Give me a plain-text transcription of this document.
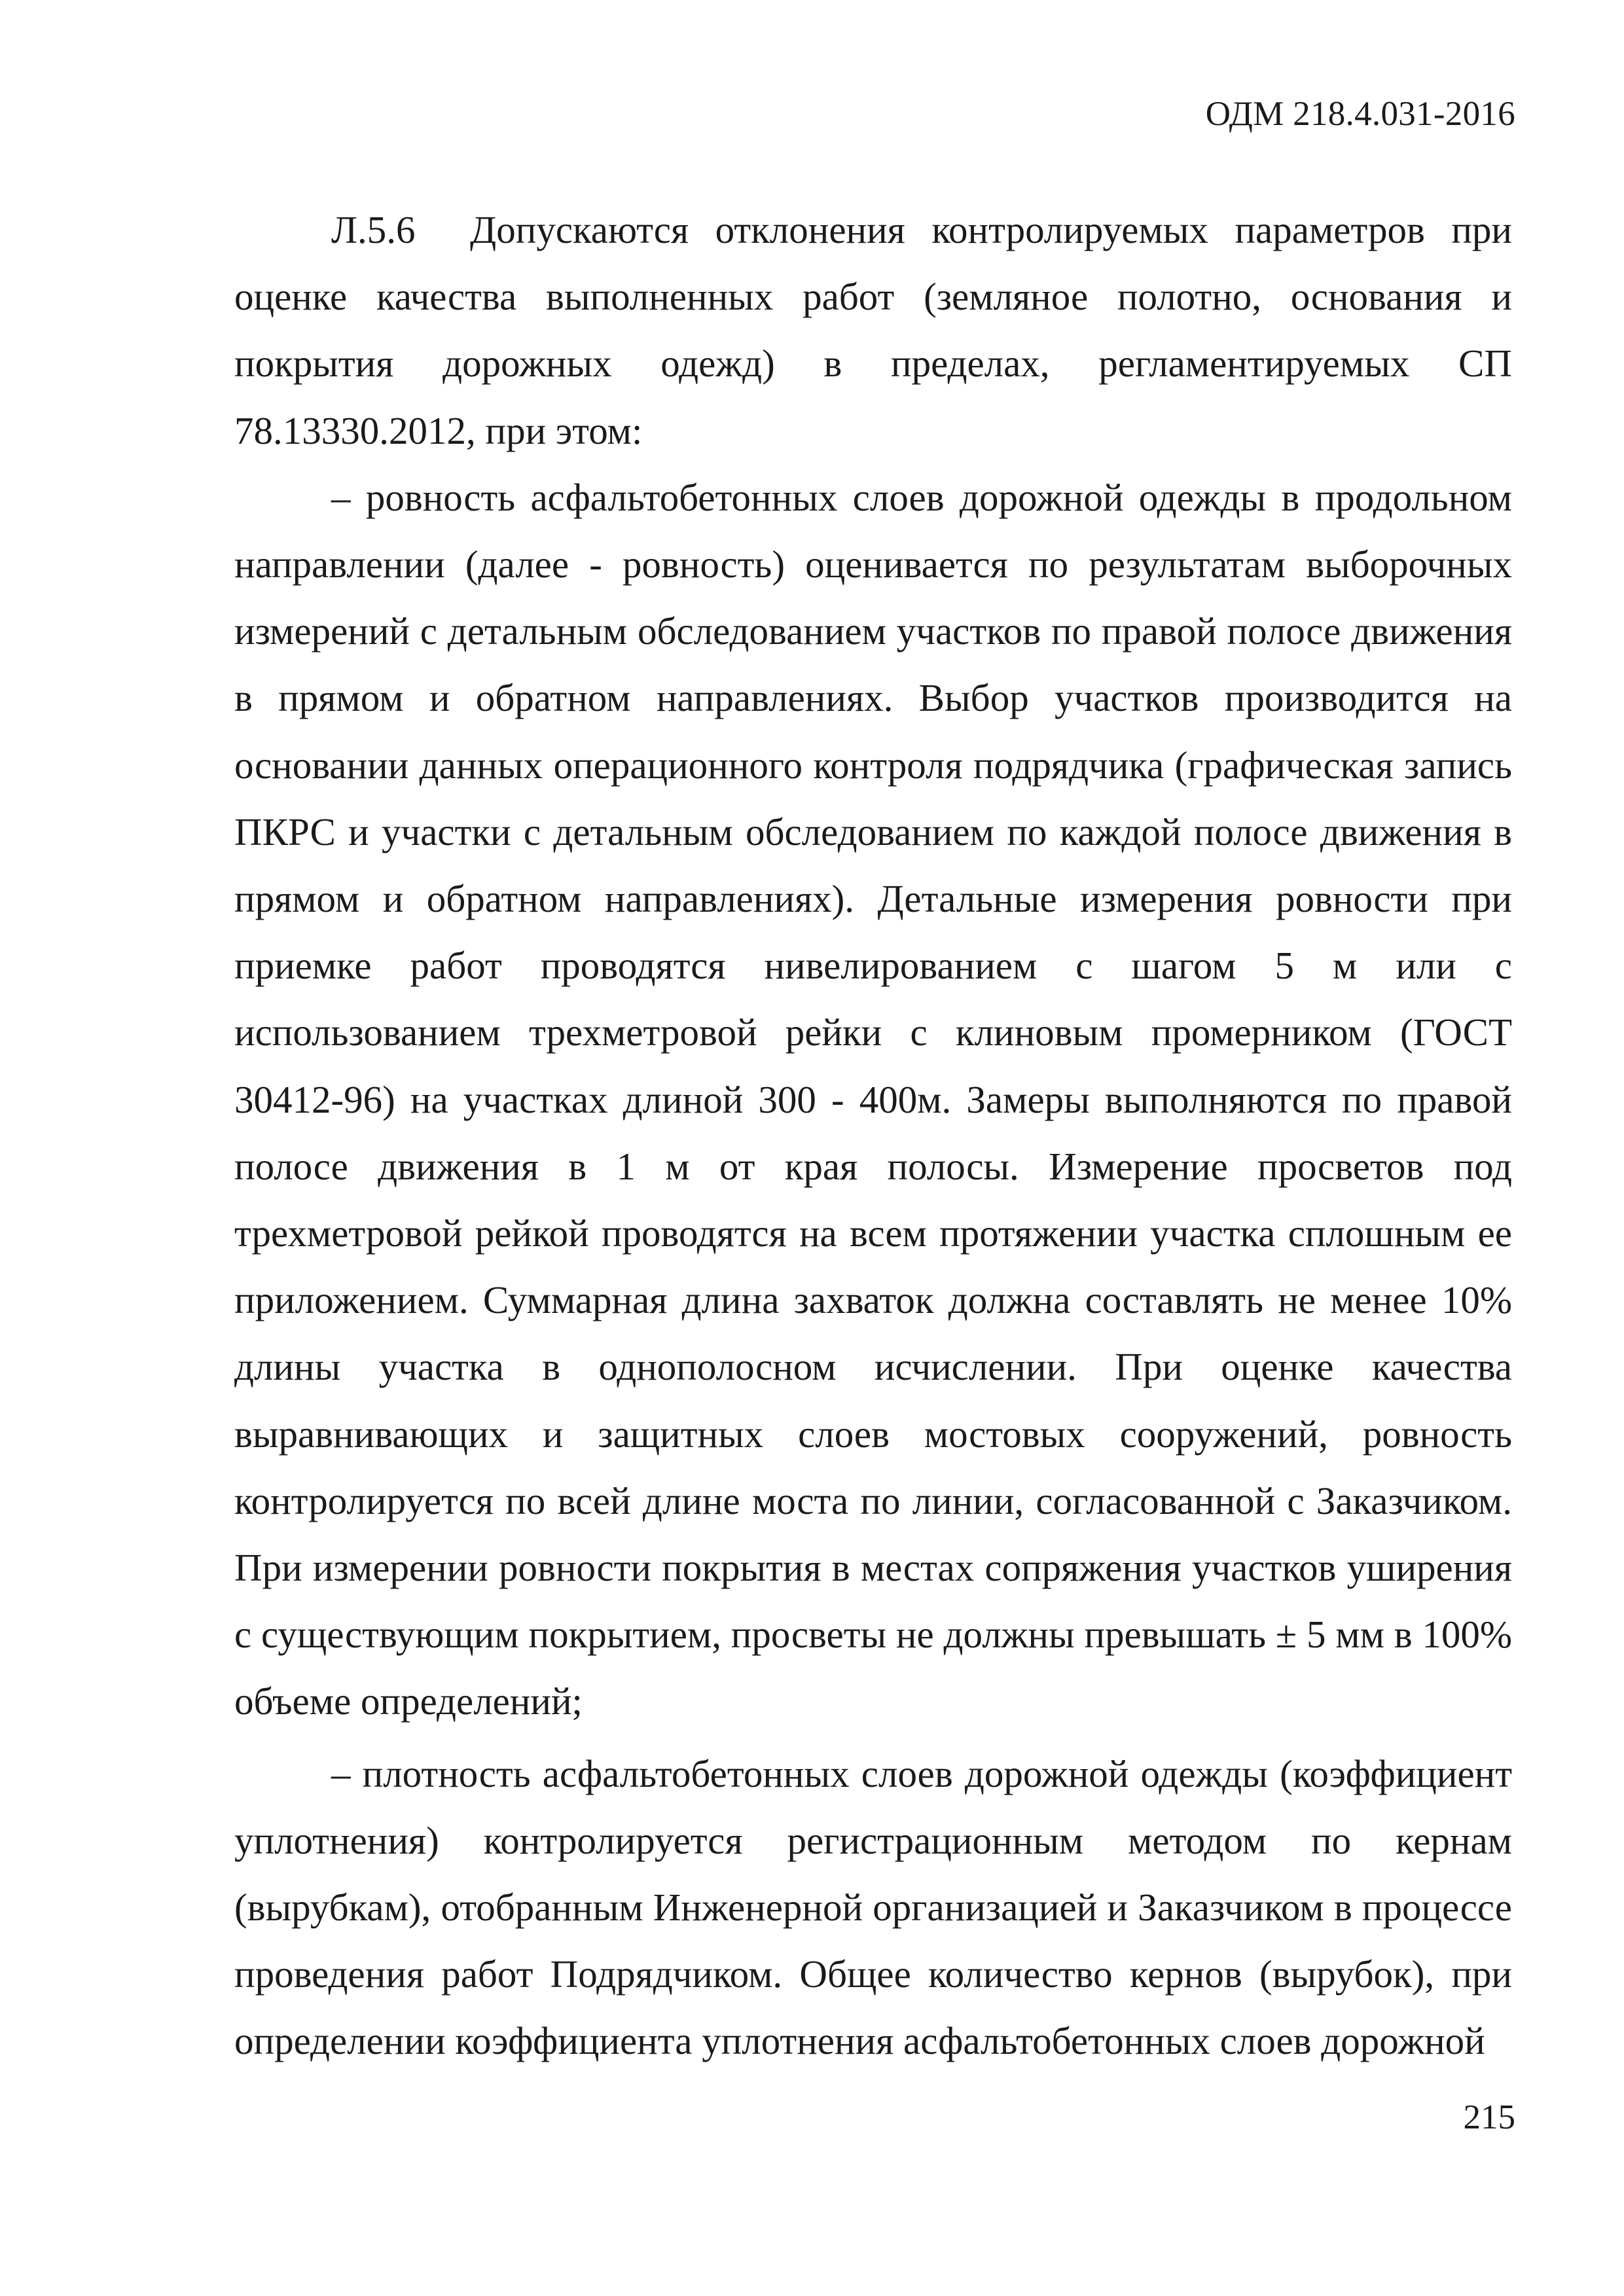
ОДМ 218.4.031-2016

Л.5.6 Допускаются отклонения контролируемых параметров при оценке качества выполненных работ (земляное полотно, основания и покрытия дорожных одежд) в пределах, регламентируемых СП 78.13330.2012, при этом:

– ровность асфальтобетонных слоев дорожной одежды в продольном направлении (далее - ровность) оценивается по результатам выборочных измерений с детальным обследованием участков по правой полосе движения в прямом и обратном направлениях. Выбор участков производится на основании данных операционного контроля подрядчика (графическая запись ПКРС и участки с детальным обследованием по каждой полосе движения в прямом и обратном направлениях). Детальные измерения ровности при приемке работ проводятся нивелированием с шагом 5 м или с использованием трехметровой рейки с клиновым промерником (ГОСТ 30412-96) на участках длиной 300 - 400м. Замеры выполняются по правой полосе движения в 1 м от края полосы. Измерение просветов под трехметровой рейкой проводятся на всем протяжении участка сплошным ее приложением. Суммарная длина захваток должна составлять не менее 10% длины участка в однополосном исчислении. При оценке качества выравнивающих и защитных слоев мостовых сооружений, ровность контролируется по всей длине моста по линии, согласованной с Заказчиком. При измерении ровности покрытия в местах сопряжения участков уширения с существующим покрытием, просветы не должны превышать ± 5 мм в 100% объеме определений;

– плотность асфальтобетонных слоев дорожной одежды (коэффициент уплотнения) контролируется регистрационным методом по кернам (вырубкам), отобранным Инженерной организацией и Заказчиком в процессе проведения работ Подрядчиком. Общее количество кернов (вырубок), при определении коэффициента уплотнения асфальтобетонных слоев дорожной

215
